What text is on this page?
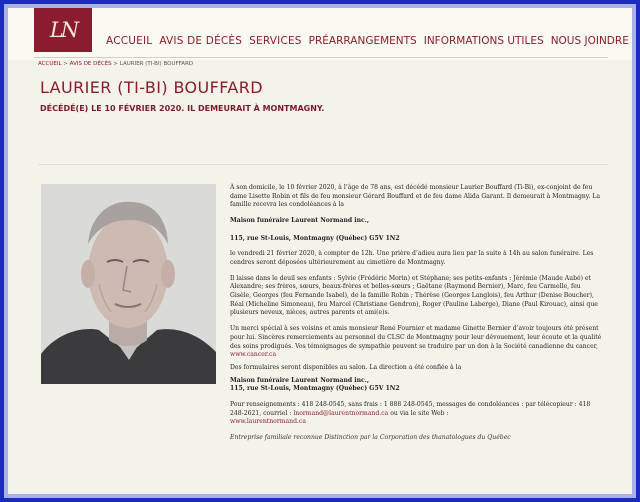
LN	ACCUEIL AVIS DE DÉCÈS SERVICES PRÉARRANGEMENTS INFORMATIONS UTILES NOUS JOINDRE
ACCUEIL > AVIS DE DÉCÈS > LAURIER (TI-BI) BOUFFARD
LAURIER (TI-BI) BOUFFARD
DÉCÉDÉ(E) LE 10 FÉVRIER 2020. IL DEMEURAIT À MONTMAGNY.

À son domicile, le 10 février 2020, à l’âge de 78 ans, est décédé monsieur Laurier Bouffard (Ti-Bi), ex-conjoint de feu dame Lisette Robin et fils de feu monsieur Gérard Bouffard et de feu dame Alida Garant. Il demeurait à Montmagny. La famille recevra les condoléances à la

Maison funéraire Laurent Normand inc.,

115, rue St-Louis, Montmagny (Québec) G5V 1N2

le vendredi 21 février 2020, à compter de 12h. Une prière d’adieu aura lieu par la suite à 14h au salon funéraire. Les cendres seront déposées ultérieurement au cimetière de Montmagny.

Il laisse dans le deuil ses enfants : Sylvie (Frédéric Morin) et Stéphane; ses petits-enfants : Jérémie (Maude Aubé) et Alexandre; ses frères, sœurs, beaux-frères et belles-sœurs ; Gaëtane (Raymond Bernier), Marc, feu Carmelle, feu Gisèle, Georges (feu Fernande Isabel), de la famille Robin ; Thérèse (Georges Langlois), feu Arthur (Denise Boucher), Réal (Micheline Simoneau), feu Marcel (Christiane Gendron), Roger (Pauline Laberge), Diane (Paul Kirouac), ainsi que plusieurs neveux, nièces, autres parents et ami(e)s.

Un merci spécial à ses voisins et amis monsieur René Fournier et madame Ginette Bernier d’avoir toujours été présent pour lui. Sincères remerciements au personnel du CLSC de Montmagny pour leur dévouement, leur écoute et la qualité des soins prodigués. Vos témoignages de sympathie peuvent se traduire par un don à la Société canadienne du cancer, www.cancer.ca

Des formulaires seront disponibles au salon. La direction a été confiée à la

Maison funéraire Laurent Normand inc.,
115, rue St-Louis, Montmagny (Québec) G5V 1N2

Pour renseignements : 418 248-0545, sans frais : 1 888 248-0545, messages de condoléances : par télécopieur : 418 248-2621, courriel : lnormand@laurentnormand.ca ou via le site Web :
www.laurentnormand.ca

Entreprise familiale reconnue Distinction par la Corporation des thanatologues du Québec
